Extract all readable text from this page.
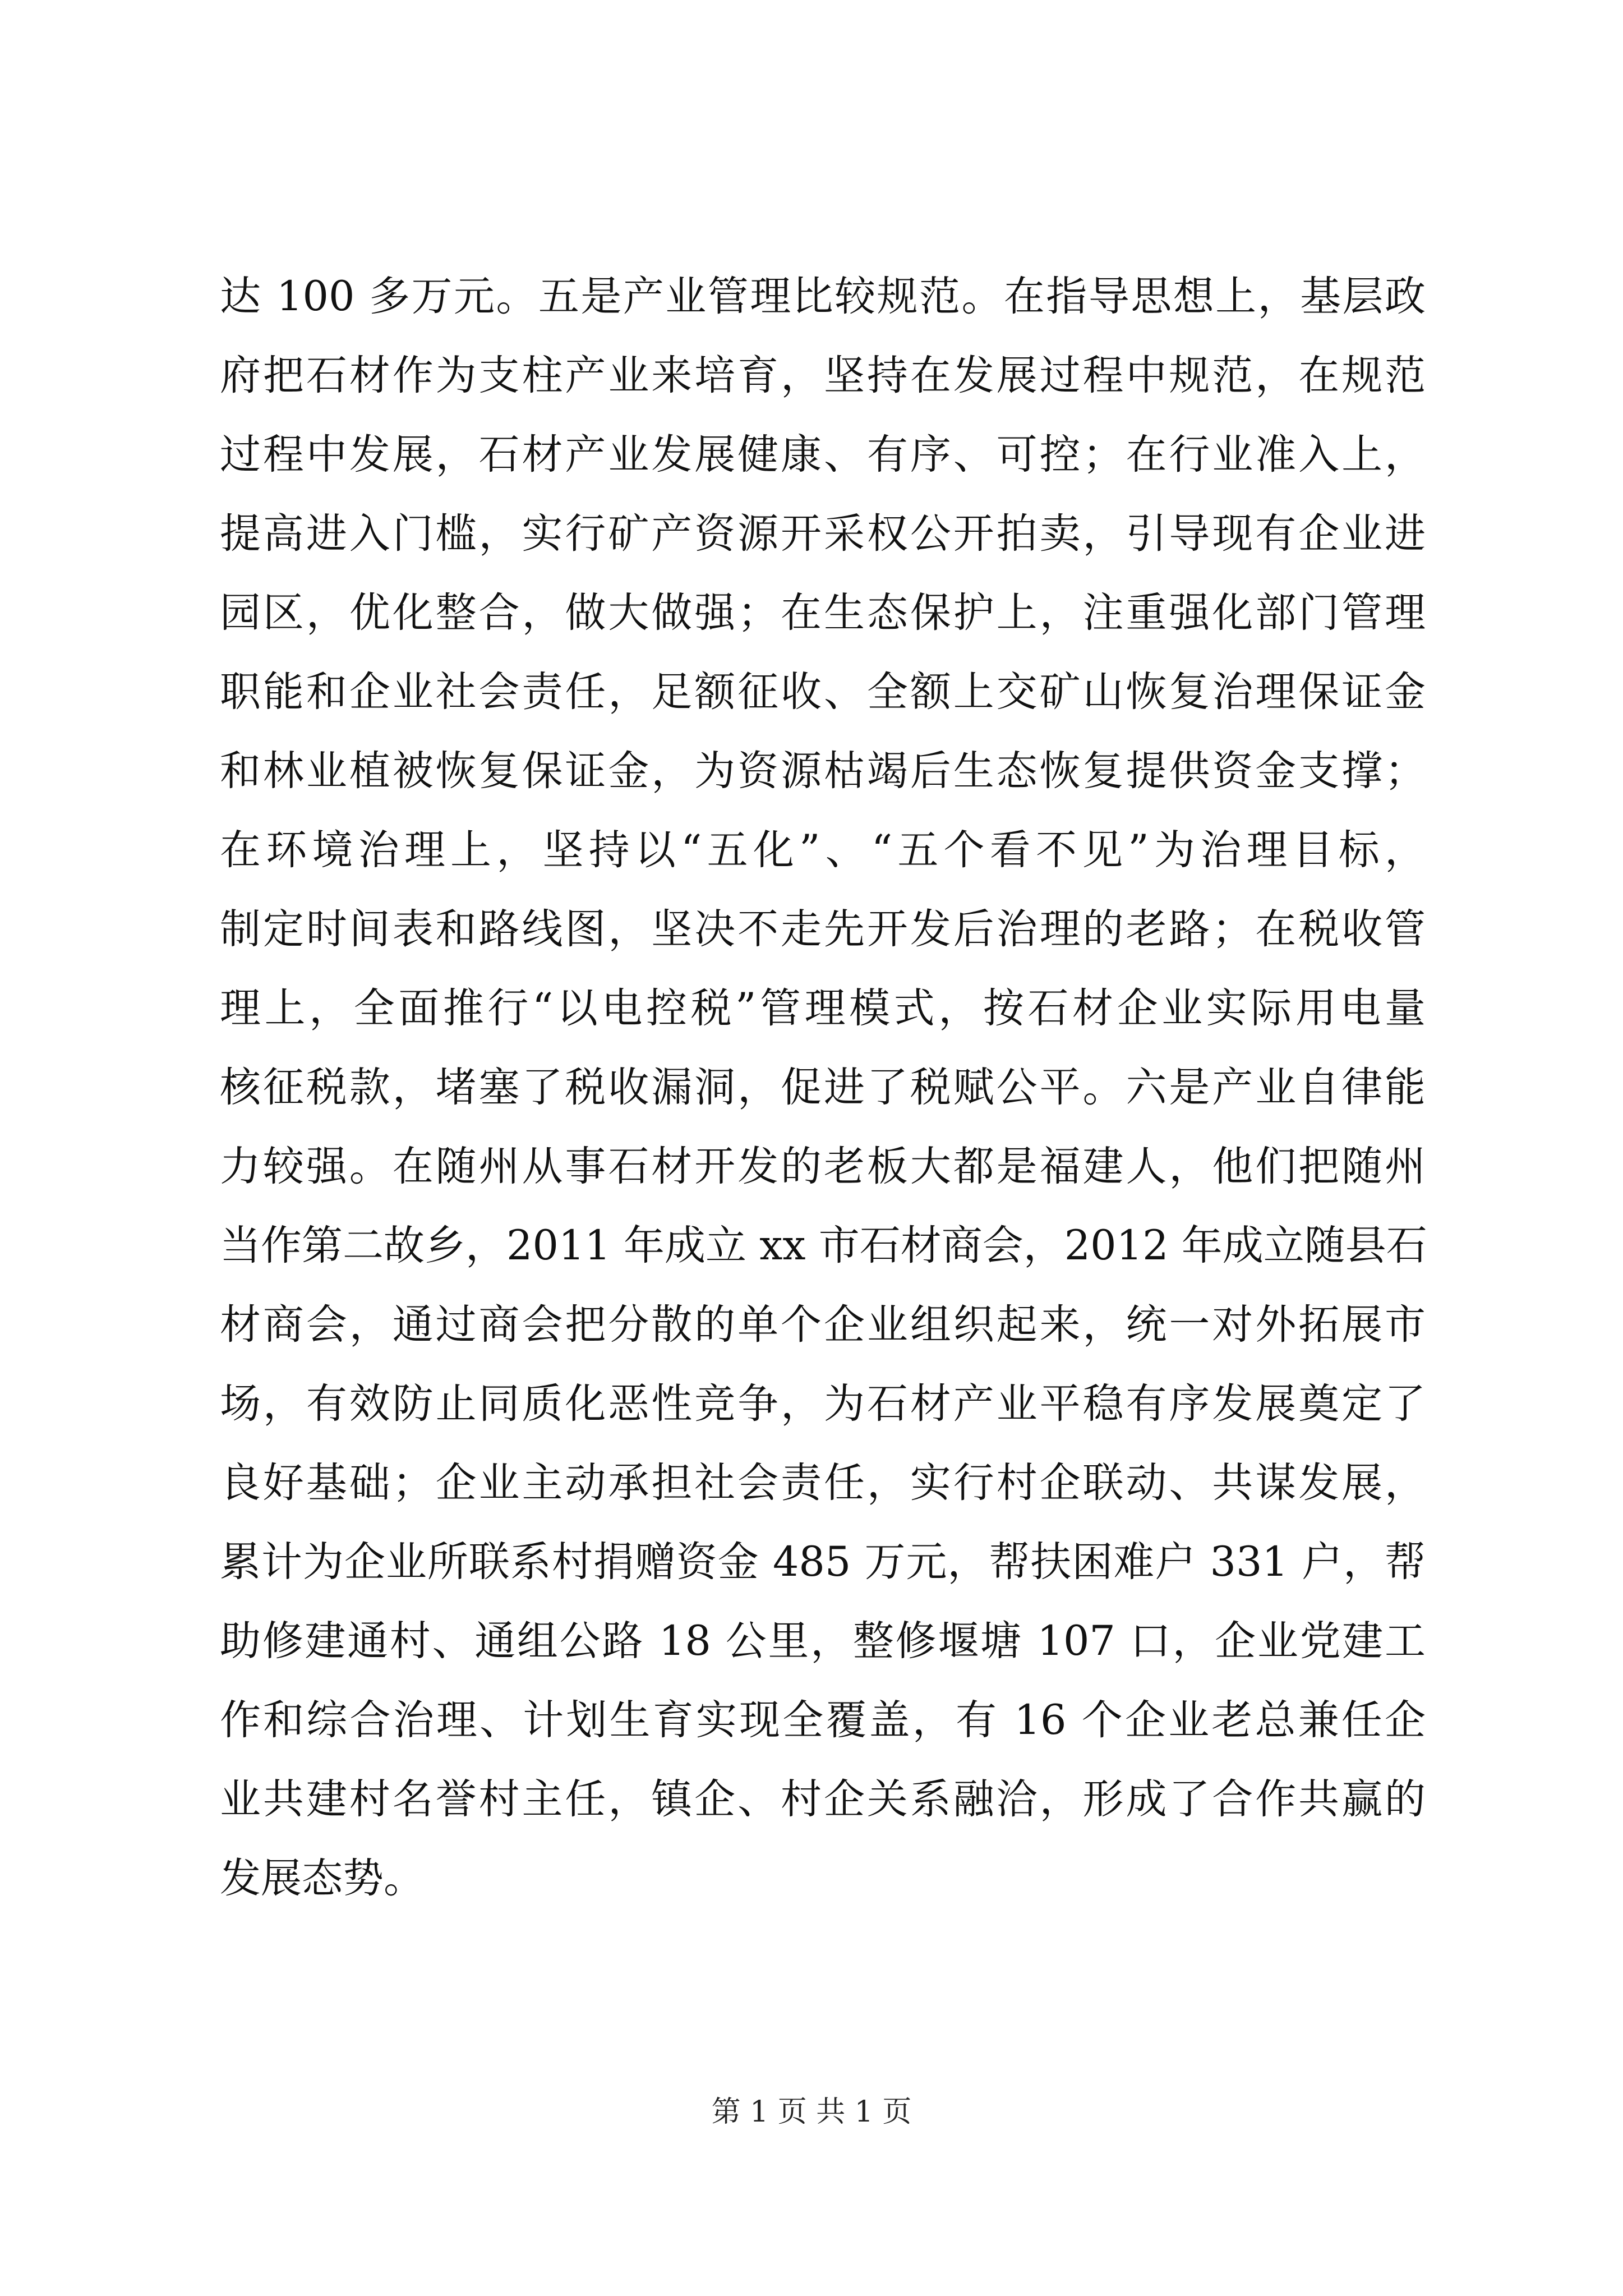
达 100 多万元。五是产业管理比较规范。在指导思想上，基层政
府把石材作为支柱产业来培育，坚持在发展过程中规范，在规范
过程中发展，石材产业发展健康、有序、可控；在行业准入上，
提高进入门槛，实行矿产资源开采权公开拍卖，引导现有企业进
园区，优化整合，做大做强；在生态保护上，注重强化部门管理
职能和企业社会责任，足额征收、全额上交矿山恢复治理保证金
和林业植被恢复保证金，为资源枯竭后生态恢复提供资金支撑；
在环境治理上，坚持以“五化”、“五个看不见”为治理目标，
制定时间表和路线图，坚决不走先开发后治理的老路；在税收管
理上，全面推行“以电控税”管理模式，按石材企业实际用电量
核征税款，堵塞了税收漏洞，促进了税赋公平。六是产业自律能
力较强。在随州从事石材开发的老板大都是福建人，他们把随州
当作第二故乡，2011 年成立 xx 市石材商会，2012 年成立随县石
材商会，通过商会把分散的单个企业组织起来，统一对外拓展市
场，有效防止同质化恶性竞争，为石材产业平稳有序发展奠定了
良好基础；企业主动承担社会责任，实行村企联动、共谋发展，
累计为企业所联系村捐赠资金 485 万元，帮扶困难户 331 户，帮
助修建通村、通组公路 18 公里，整修堰塘 107 口，企业党建工
作和综合治理、计划生育实现全覆盖，有 16 个企业老总兼任企
业共建村名誉村主任，镇企、村企关系融洽，形成了合作共赢的
发展态势。
第 1 页 共 1 页
